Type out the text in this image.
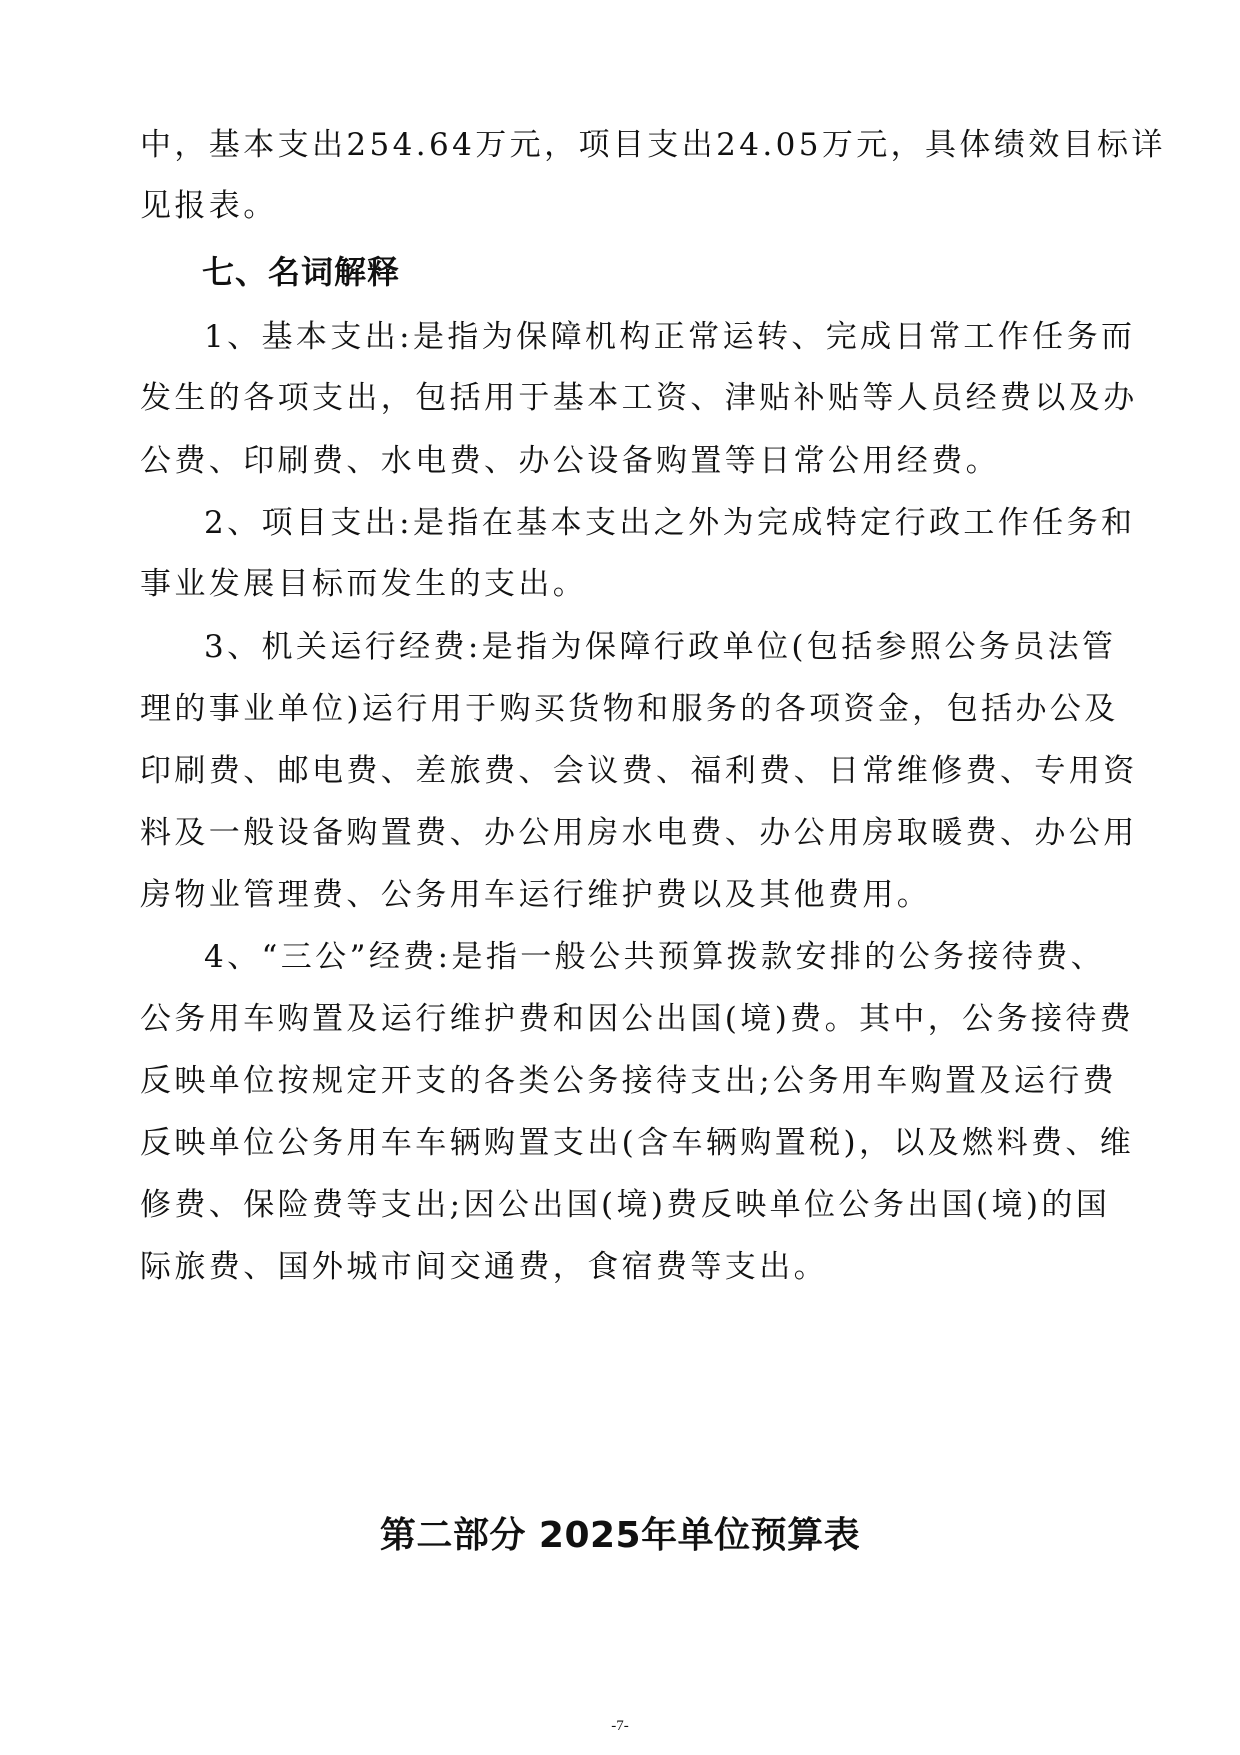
中，基本支出254.64万元，项目支出24.05万元，具体绩效目标详

见报表。

七、名词解释

1、基本支出:是指为保障机构正常运转、完成日常工作任务而

发生的各项支出，包括用于基本工资、津贴补贴等人员经费以及办

公费、印刷费、水电费、办公设备购置等日常公用经费。

2、项目支出:是指在基本支出之外为完成特定行政工作任务和

事业发展目标而发生的支出。

3、机关运行经费:是指为保障行政单位(包括参照公务员法管

理的事业单位)运行用于购买货物和服务的各项资金，包括办公及

印刷费、邮电费、差旅费、会议费、福利费、日常维修费、专用资

料及一般设备购置费、办公用房水电费、办公用房取暖费、办公用

房物业管理费、公务用车运行维护费以及其他费用。

4、“三公”经费:是指一般公共预算拨款安排的公务接待费、

公务用车购置及运行维护费和因公出国(境)费。其中，公务接待费

反映单位按规定开支的各类公务接待支出;公务用车购置及运行费

反映单位公务用车车辆购置支出(含车辆购置税)，以及燃料费、维

修费、保险费等支出;因公出国(境)费反映单位公务出国(境)的国

际旅费、国外城市间交通费，食宿费等支出。

第二部分 2025年单位预算表
-7-
